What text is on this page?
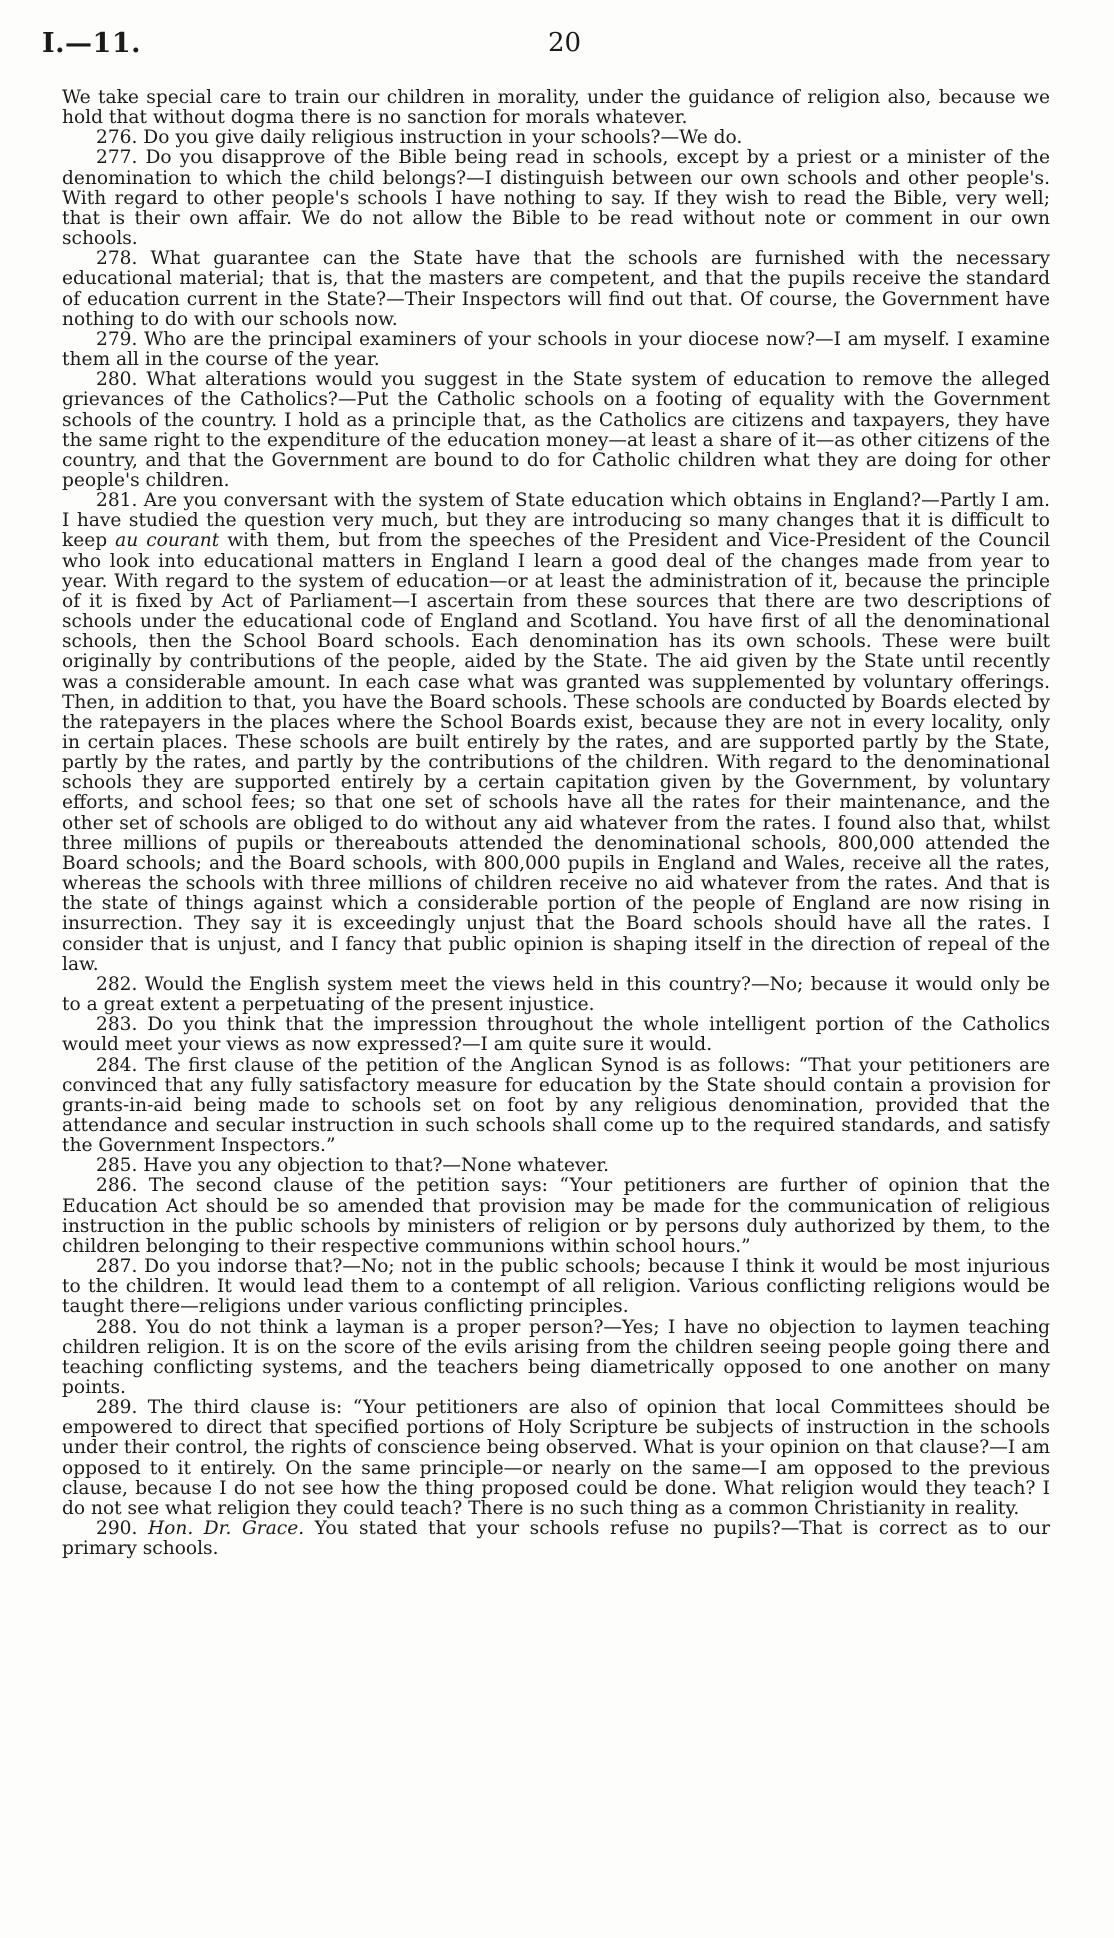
I.—11.	20

We take special care to train our children in morality, under the guidance of religion also, because we hold that without dogma there is no sanction for morals whatever.

276. Do you give daily religious instruction in your schools?—We do.

277. Do you disapprove of the Bible being read in schools, except by a priest or a minister of the denomination to which the child belongs?—I distinguish between our own schools and other people's. With regard to other people's schools I have nothing to say. If they wish to read the Bible, very well; that is their own affair. We do not allow the Bible to be read without note or comment in our own schools.

278. What guarantee can the State have that the schools are furnished with the necessary educational material; that is, that the masters are competent, and that the pupils receive the standard of education current in the State?—Their Inspectors will find out that. Of course, the Government have nothing to do with our schools now.

279. Who are the principal examiners of your schools in your diocese now?—I am myself. I examine them all in the course of the year.

280. What alterations would you suggest in the State system of education to remove the alleged grievances of the Catholics?—Put the Catholic schools on a footing of equality with the Government schools of the country. I hold as a principle that, as the Catholics are citizens and taxpayers, they have the same right to the expenditure of the education money—at least a share of it—as other citizens of the country, and that the Government are bound to do for Catholic children what they are doing for other people's children.

281. Are you conversant with the system of State education which obtains in England?—Partly I am. I have studied the question very much, but they are introducing so many changes that it is difficult to keep au courant with them, but from the speeches of the President and Vice-President of the Council who look into educational matters in England I learn a good deal of the changes made from year to year. With regard to the system of education—or at least the administration of it, because the principle of it is fixed by Act of Parliament—I ascertain from these sources that there are two descriptions of schools under the educational code of England and Scotland. You have first of all the denominational schools, then the School Board schools. Each denomination has its own schools. These were built originally by contributions of the people, aided by the State. The aid given by the State until recently was a considerable amount. In each case what was granted was supplemented by voluntary offerings. Then, in addition to that, you have the Board schools. These schools are conducted by Boards elected by the ratepayers in the places where the School Boards exist, because they are not in every locality, only in certain places. These schools are built entirely by the rates, and are supported partly by the State, partly by the rates, and partly by the contributions of the children. With regard to the denominational schools they are supported entirely by a certain capitation given by the Government, by voluntary efforts, and school fees; so that one set of schools have all the rates for their maintenance, and the other set of schools are obliged to do without any aid whatever from the rates. I found also that, whilst three millions of pupils or thereabouts attended the denominational schools, 800,000 attended the Board schools; and the Board schools, with 800,000 pupils in England and Wales, receive all the rates, whereas the schools with three millions of children receive no aid whatever from the rates. And that is the state of things against which a considerable portion of the people of England are now rising in insurrection. They say it is exceedingly unjust that the Board schools should have all the rates. I consider that is unjust, and I fancy that public opinion is shaping itself in the direction of repeal of the law.

282. Would the English system meet the views held in this country?—No; because it would only be to a great extent a perpetuating of the present injustice.

283. Do you think that the impression throughout the whole intelligent portion of the Catholics would meet your views as now expressed?—I am quite sure it would.

284. The first clause of the petition of the Anglican Synod is as follows: “That your petitioners are convinced that any fully satisfactory measure for education by the State should contain a provision for grants-in-aid being made to schools set on foot by any religious denomination, provided that the attendance and secular instruction in such schools shall come up to the required standards, and satisfy the Government Inspectors.”

285. Have you any objection to that?—None whatever.

286. The second clause of the petition says: “Your petitioners are further of opinion that the Education Act should be so amended that provision may be made for the communication of religious instruction in the public schools by ministers of religion or by persons duly authorized by them, to the children belonging to their respective communions within school hours.”

287. Do you indorse that?—No; not in the public schools; because I think it would be most injurious to the children. It would lead them to a contempt of all religion. Various conflicting religions would be taught there—religions under various conflicting principles.

288. You do not think a layman is a proper person?—Yes; I have no objection to laymen teaching children religion. It is on the score of the evils arising from the children seeing people going there and teaching conflicting systems, and the teachers being diametrically opposed to one another on many points.

289. The third clause is: “Your petitioners are also of opinion that local Committees should be empowered to direct that specified portions of Holy Scripture be subjects of instruction in the schools under their control, the rights of conscience being observed. What is your opinion on that clause?—I am opposed to it entirely. On the same principle—or nearly on the same—I am opposed to the previous clause, because I do not see how the thing proposed could be done. What religion would they teach? I do not see what religion they could teach? There is no such thing as a common Christianity in reality.

290. Hon. Dr. Grace. You stated that your schools refuse no pupils?—That is correct as to our primary schools.
